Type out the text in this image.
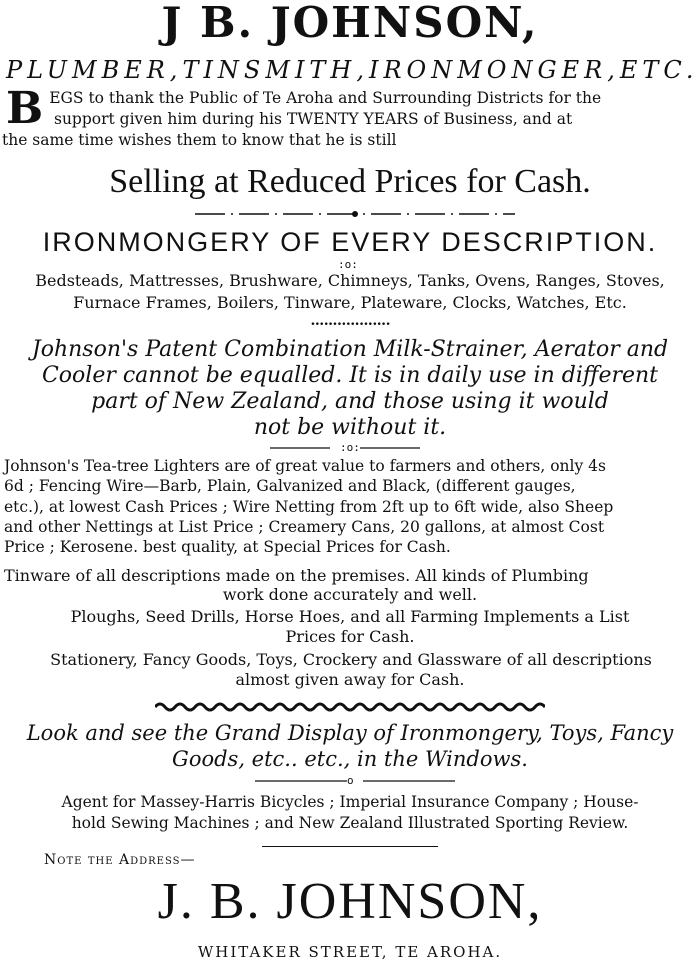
J B. JOHNSON,
PLUMBER, TINSMITH, IRONMONGER, ETC.
B EGS to thank the Public of Te Aroha and Surrounding Districts for the
support given him during his TWENTY YEARS of Business, and at
the same time wishes them to know that he is still
Selling at Reduced Prices for Cash.
IRONMONGERY OF EVERY DESCRIPTION.
:o:
Bedsteads, Mattresses, Brushware, Chimneys, Tanks, Ovens, Ranges, Stoves,
Furnace Frames, Boilers, Tinware, Plateware, Clocks, Watches, Etc.
••••••••••••••••••
Johnson's Patent Combination Milk-Strainer, Aerator and
Cooler cannot be equalled. It is in daily use in different
part of New Zealand, and those using it would
not be without it.
:o:

Johnson's Tea-tree Lighters are of great value to farmers and others, only 4s

6d ; Fencing Wire—Barb, Plain, Galvanized and Black, (different gauges,

etc.), at lowest Cash Prices ; Wire Netting from 2ft up to 6ft wide, also Sheep

and other Nettings at List Price ; Creamery Cans, 20 gallons, at almost Cost

Price ; Kerosene. best quality, at Special Prices for Cash.

Tinware of all descriptions made on the premises. All kinds of Plumbing
work done accurately and well.
Ploughs, Seed Drills, Horse Hoes, and all Farming Implements a List
Prices for Cash.
Stationery, Fancy Goods, Toys, Crockery and Glassware of all descriptions
almost given away for Cash.
Look and see the Grand Display of Ironmongery, Toys, Fancy
Goods, etc.. etc., in the Windows.
o
Agent for Massey-Harris Bicycles ; Imperial Insurance Company ; House-
hold Sewing Machines ; and New Zealand Illustrated Sporting Review.
Note the Address—
J. B. JOHNSON,
WHITAKER STREET, TE AROHA.
